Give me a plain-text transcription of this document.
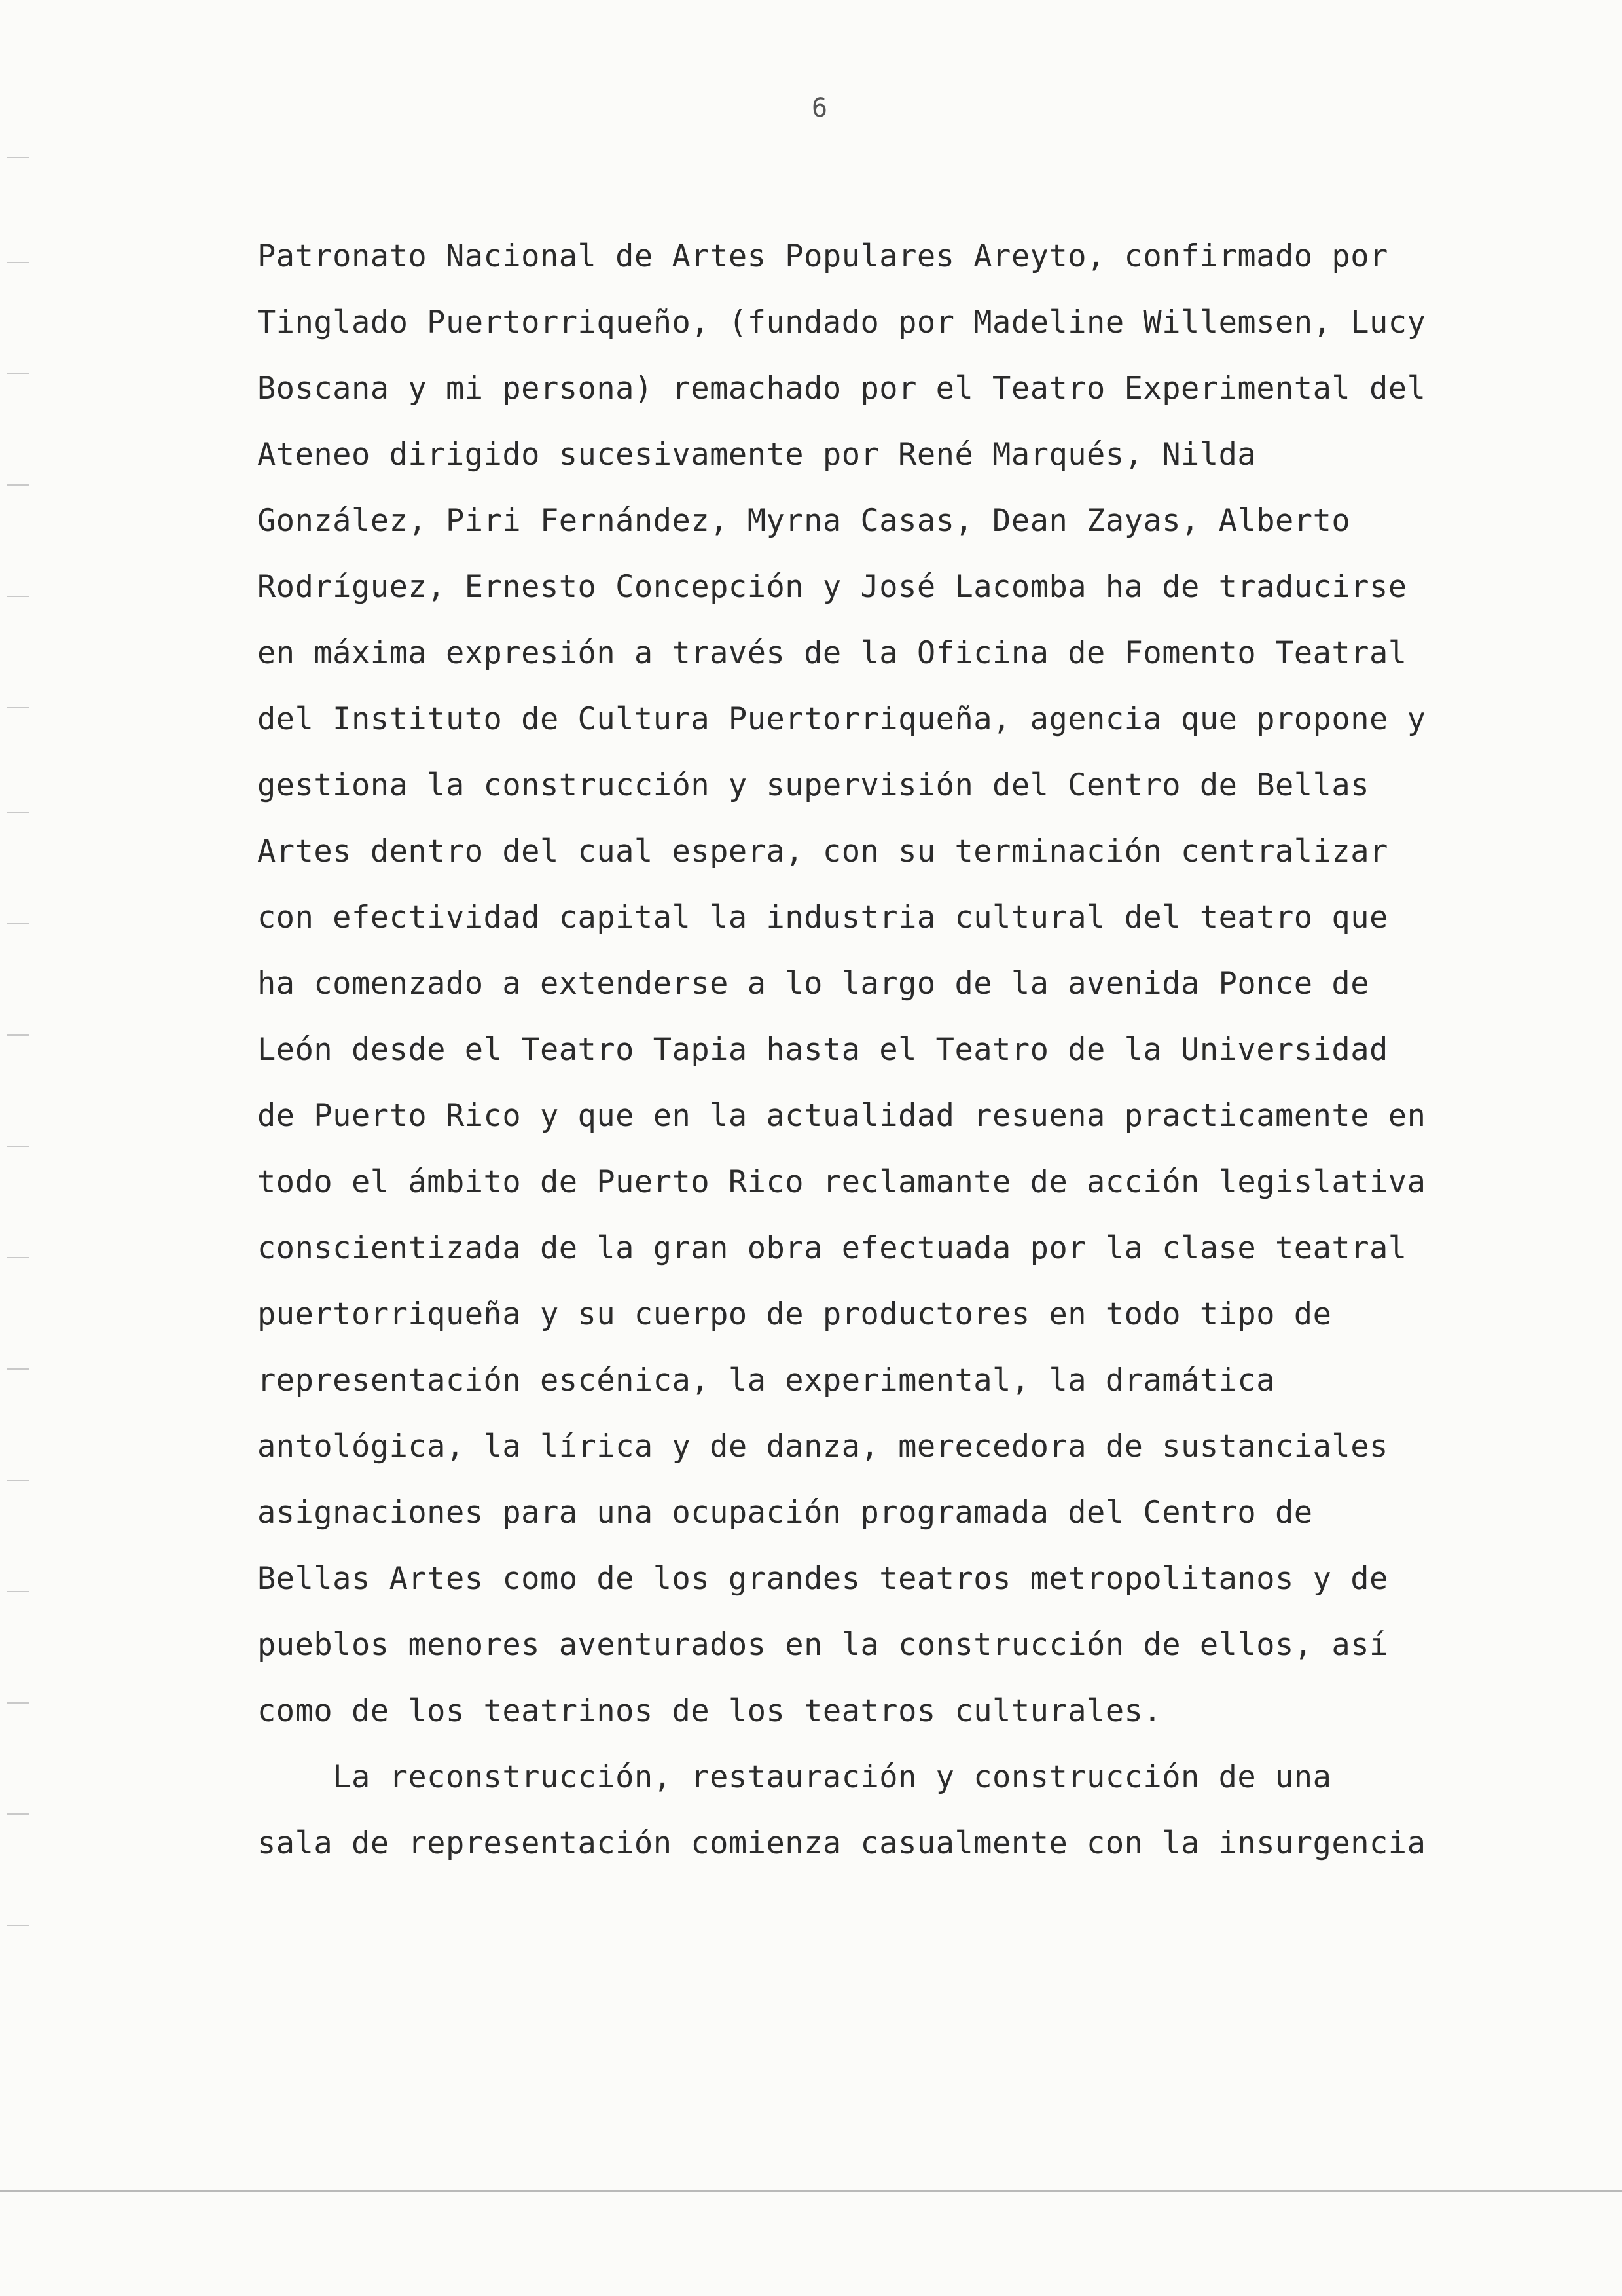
6
Patronato Nacional de Artes Populares Areyto, confirmado por
Tinglado Puertorriqueño, (fundado por Madeline Willemsen, Lucy
Boscana y mi persona) remachado por el Teatro Experimental del
Ateneo dirigido sucesivamente por René Marqués, Nilda
González, Piri Fernández, Myrna Casas, Dean Zayas, Alberto
Rodríguez, Ernesto Concepción y José Lacomba ha de traducirse
en máxima expresión a través de la Oficina de Fomento Teatral
del Instituto de Cultura Puertorriqueña, agencia que propone y
gestiona la construcción y supervisión del Centro de Bellas
Artes dentro del cual espera, con su terminación centralizar
con efectividad capital la industria cultural del teatro que
ha comenzado a extenderse a lo largo de la avenida Ponce de
León desde el Teatro Tapia hasta el Teatro de la Universidad
de Puerto Rico y que en la actualidad resuena practicamente en
todo el ámbito de Puerto Rico reclamante de acción legislativa
conscientizada de la gran obra efectuada por la clase teatral
puertorriqueña y su cuerpo de productores en todo tipo de
representación escénica, la experimental, la dramática
antológica, la lírica y de danza, merecedora de sustanciales
asignaciones para una ocupación programada del Centro de
Bellas Artes como de los grandes teatros metropolitanos y de
pueblos menores aventurados en la construcción de ellos, así
como de los teatrinos de los teatros culturales.
La reconstrucción, restauración y construcción de una
sala de representación comienza casualmente con la insurgencia
